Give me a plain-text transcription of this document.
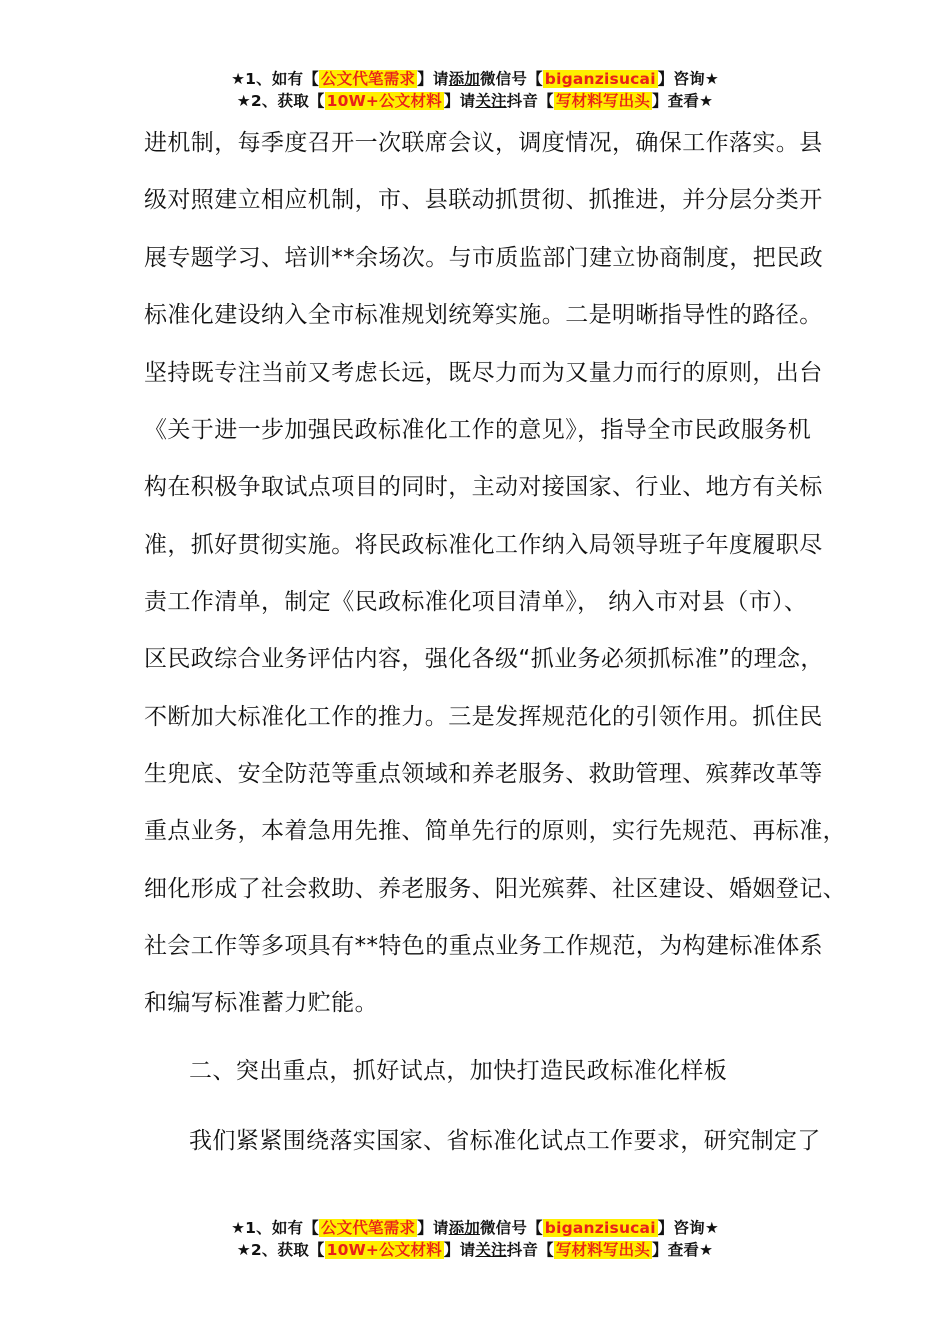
★1、如有【 公文代笔需求 】请添加微信号【 biganzisucai 】咨询★
★2、获取【 10W+公文材料 】请关注抖音【 写材料写出头 】查看★
进机制，每季度召开一次联席会议，调度情况，确保工作落实。县
级对照建立相应机制，市、县联动抓贯彻、抓推进，并分层分类开
展专题学习、培训**余场次。与市质监部门建立协商制度，把民政
标准化建设纳入全市标准规划统筹实施。二是明晰指导性的路径。
坚持既专注当前又考虑长远，既尽力而为又量力而行的原则，出台
《关于进一步加强民政标准化工作的意见》，指导全市民政服务机
构在积极争取试点项目的同时，主动对接国家、行业、地方有关标
准，抓好贯彻实施。将民政标准化工作纳入局领导班子年度履职尽
责工作清单，制定《民政标准化项目清单》， 纳入市对县（市）、
区民政综合业务评估内容，强化各级“抓业务必须抓标准”的理念，
不断加大标准化工作的推力。三是发挥规范化的引领作用。抓住民
生兜底、安全防范等重点领域和养老服务、救助管理、殡葬改革等
重点业务，本着急用先推、简单先行的原则，实行先规范、再标准，
细化形成了社会救助、养老服务、阳光殡葬、社区建设、婚姻登记、
社会工作等多项具有**特色的重点业务工作规范，为构建标准体系
和编写标准蓄力贮能。
二、突出重点，抓好试点，加快打造民政标准化样板
我们紧紧围绕落实国家、省标准化试点工作要求，研究制定了
★1、如有【 公文代笔需求 】请添加微信号【 biganzisucai 】咨询★
★2、获取【 10W+公文材料 】请关注抖音【 写材料写出头 】查看★
